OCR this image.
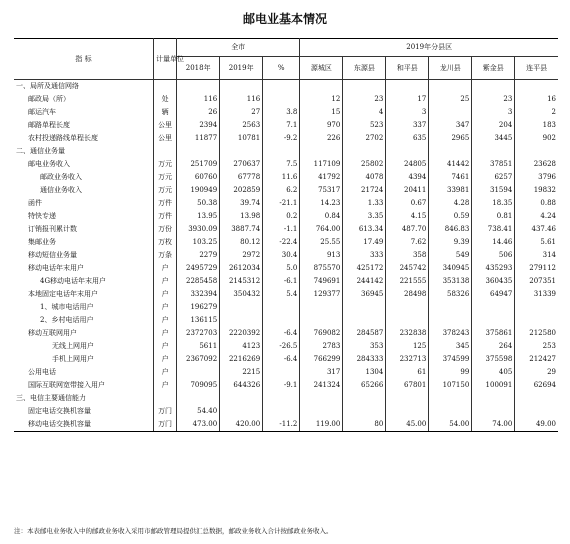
邮电业基本情况
指 标	计量单位	全市			2019年分县区					
		2018年	2019年	%	源城区	东源县	和平县	龙川县	紫金县	连平县
一、局所及通信网络										
邮政局（所）	处	116	116		12	23	17	25	23	16
邮运汽车	辆	26	27	3.8	15	4	3		3	2
邮路单程长度	公里	2394	2563	7.1	970	523	337	347	204	183
农村投递路线单程长度	公里	11877	10781	-9.2	226	2702	635	2965	3445	902
二、通信业务量										
邮电业务收入	万元	251709	270637	7.5	117109	25802	24805	41442	37851	23628
邮政业务收入	万元	60760	67778	11.6	41792	4078	4394	7461	6257	3796
通信业务收入	万元	190949	202859	6.2	75317	21724	20411	33981	31594	19832
函件	万件	50.38	39.74	-21.1	14.23	1.33	0.67	4.28	18.35	0.88
特快专递	万件	13.95	13.98	0.2	0.84	3.35	4.15	0.59	0.81	4.24
订销报刊累计数	万份	3930.09	3887.74	-1.1	764.00	613.34	487.70	846.83	738.41	437.46
集邮业务	万枚	103.25	80.12	-22.4	25.55	17.49	7.62	9.39	14.46	5.61
移动短信业务量	万条	2279	2972	30.4	913	333	358	549	506	314
移动电话年末用户	户	2495729	2612034	5.0	875570	425172	245742	340945	435293	279112
4G移动电话年末用户	户	2285458	2145312	-6.1	749691	244142	221555	353138	360435	207351
本地固定电话年末用户	户	332394	350432	5.4	129377	36945	28498	58326	64947	31339
1、城市电话用户	户	196279								
2、乡村电话用户	户	136115								
移动互联网用户	户	2372703	2220392	-6.4	769082	284587	232838	378243	375861	212580
无线上网用户	户	5611	4123	-26.5	2783	353	125	345	264	253
手机上网用户	户	2367092	2216269	-6.4	766299	284333	232713	374599	375598	212427
公用电话	户		2215		317	1304	61	99	405	29
国际互联网宽带接入用户	户	709095	644326	-9.1	241324	65266	67801	107150	100091	62694
三、电信主要通信能力										
固定电话交换机容量	万门	54.40								
移动电话交换机容量	万门	473.00	420.00	-11.2	119.00	80	45.00	54.00	74.00	49.00
注：本表邮电业务收入中的邮政业务收入采用市邮政管理局提供汇总数据，邮政业务收入合计按邮政业务收入。
